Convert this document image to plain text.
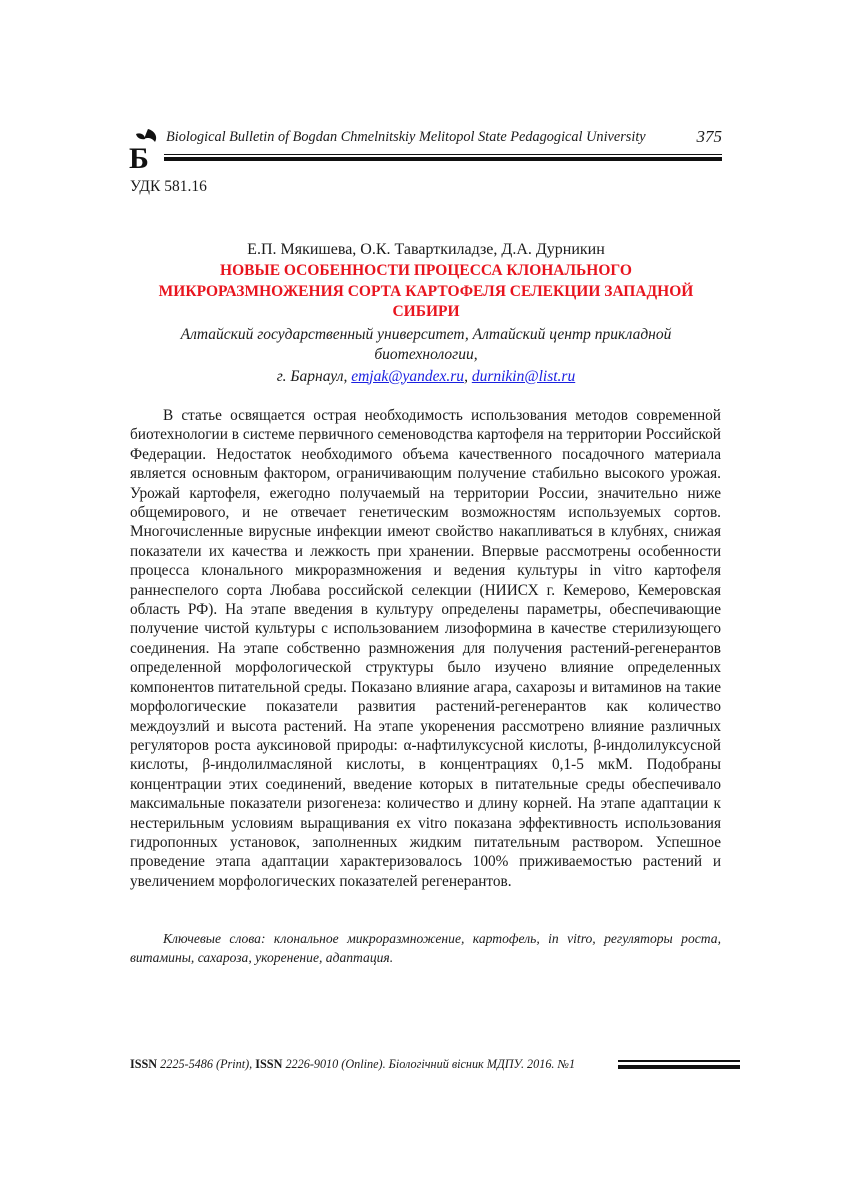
Б
Biological Bulletin of Bogdan Chmelnitskiy Melitopol State Pedagogical University	375
УДК 581.16
Е.П. Мякишева, О.К. Таварткиладзе, Д.А. Дурникин
НОВЫЕ ОСОБЕННОСТИ ПРОЦЕССА КЛОНАЛЬНОГО
МИКРОРАЗМНОЖЕНИЯ СОРТА КАРТОФЕЛЯ СЕЛЕКЦИИ ЗАПАДНОЙ
СИБИРИ
Алтайский государственный университет, Алтайский центр прикладной
биотехнологии,
г. Барнаул, emjak@yandex.ru, durnikin@list.ru

В статье освящается острая необходимость использования методов современной биотехнологии в системе первичного семеноводства картофеля на территории Российской Федерации. Недостаток необходимого объема качественного посадочного материала является основным фактором, ограничивающим получение стабильно высокого урожая. Урожай картофеля, ежегодно получаемый на территории России, значительно ниже общемирового, и не отвечает генетическим возможностям используемых сортов. Многочисленные вирусные инфекции имеют свойство накапливаться в клубнях, снижая показатели их качества и лежкость при хранении. Впервые рассмотрены особенности процесса клонального микроразмножения и ведения культуры in vitro картофеля раннеспелого сорта Любава российской селекции (НИИСХ г. Кемерово, Кемеровская область РФ). На этапе введения в культуру определены параметры, обеспечивающие получение чистой культуры с использованием лизоформина в качестве стерилизующего соединения. На этапе собственно размножения для получения растений-регенерантов определенной морфологической структуры было изучено влияние определенных компонентов питательной среды. Показано влияние агара, сахарозы и витаминов на такие морфологические показатели развития растений-регенерантов как количество междоузлий и высота растений. На этапе укоренения рассмотрено влияние различных регуляторов роста ауксиновой природы: α-нафтилуксусной кислоты, β-индолилуксусной кислоты, β-индолилмасляной кислоты, в концентрациях 0,1-5 мкМ. Подобраны концентрации этих соединений, введение которых в питательные среды обеспечивало максимальные показатели ризогенеза: количество и длину корней. На этапе адаптации к нестерильным условиям выращивания ex vitro показана эффективность использования гидропонных установок, заполненных жидким питательным раствором. Успешное проведение этапа адаптации характеризовалось 100% приживаемостью растений и увеличением морфологических показателей регенерантов.

Ключевые слова: клональное микроразмножение, картофель, in vitro, регуляторы роста, витамины, сахароза, укоренение, адаптация.

ISSN 2225-5486 (Print), ISSN 2226-9010 (Online). Біологічний вісник МДПУ. 2016. №1
